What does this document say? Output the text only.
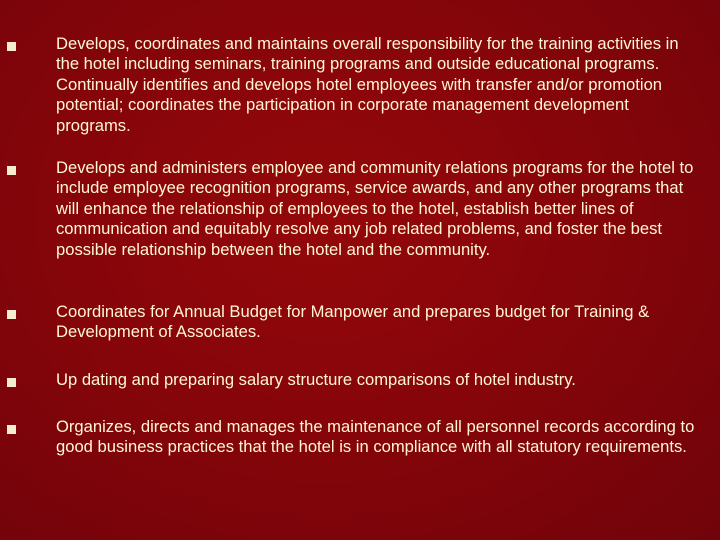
Develops, coordinates and maintains overall responsibility for the training activities in the hotel including seminars, training programs and outside educational programs. Continually identifies and develops hotel employees with transfer and/or promotion potential; coordinates the participation in corporate management development programs.
Develops and administers employee and community relations programs for the hotel to include employee recognition programs, service awards, and any other programs that will enhance the relationship of employees to the hotel, establish better lines of communication and equitably resolve any job related problems, and foster the best possible relationship between the hotel and the community.
Coordinates for Annual Budget for Manpower and prepares budget for Training & Development of Associates.
Up dating and preparing salary structure comparisons of hotel industry.
Organizes, directs and manages the maintenance of all personnel records according to good business practices that the hotel is in compliance with all statutory requirements.
